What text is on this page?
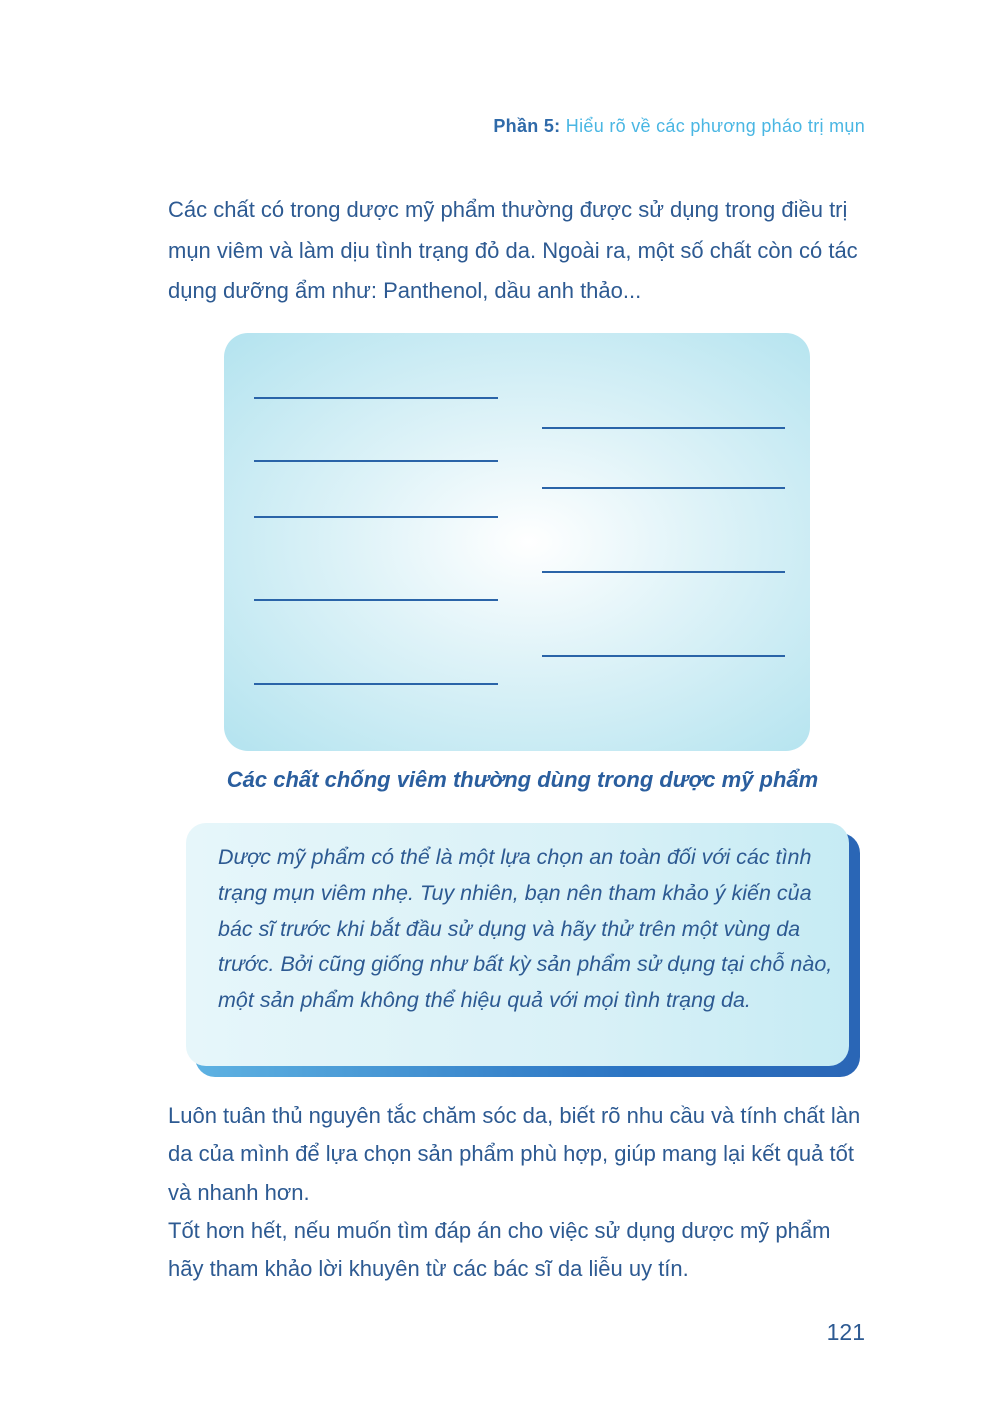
Phần 5: Hiểu rõ về các phương pháo trị mụn

Các chất có trong dược mỹ phẩm thường được sử dụng trong điều trị mụn viêm và làm dịu tình trạng đỏ da. Ngoài ra, một số chất còn có tác dụng dưỡng ẩm như: Panthenol, dầu anh thảo...

Các chất chống viêm thường dùng trong dược mỹ phẩm

Dược mỹ phẩm có thể là một lựa chọn an toàn đối với các tình trạng mụn viêm nhẹ. Tuy nhiên, bạn nên tham khảo ý kiến của bác sĩ trước khi bắt đầu sử dụng và hãy thử trên một vùng da trước. Bởi cũng giống như bất kỳ sản phẩm sử dụng tại chỗ nào, một sản phẩm không thể hiệu quả với mọi tình trạng da.

Luôn tuân thủ nguyên tắc chăm sóc da, biết rõ nhu cầu và tính chất làn da của mình để lựa chọn sản phẩm phù hợp, giúp mang lại kết quả tốt và nhanh hơn.
Tốt hơn hết, nếu muốn tìm đáp án cho việc sử dụng dược mỹ phẩm hãy tham khảo lời khuyên từ các bác sĩ da liễu uy tín.
121
